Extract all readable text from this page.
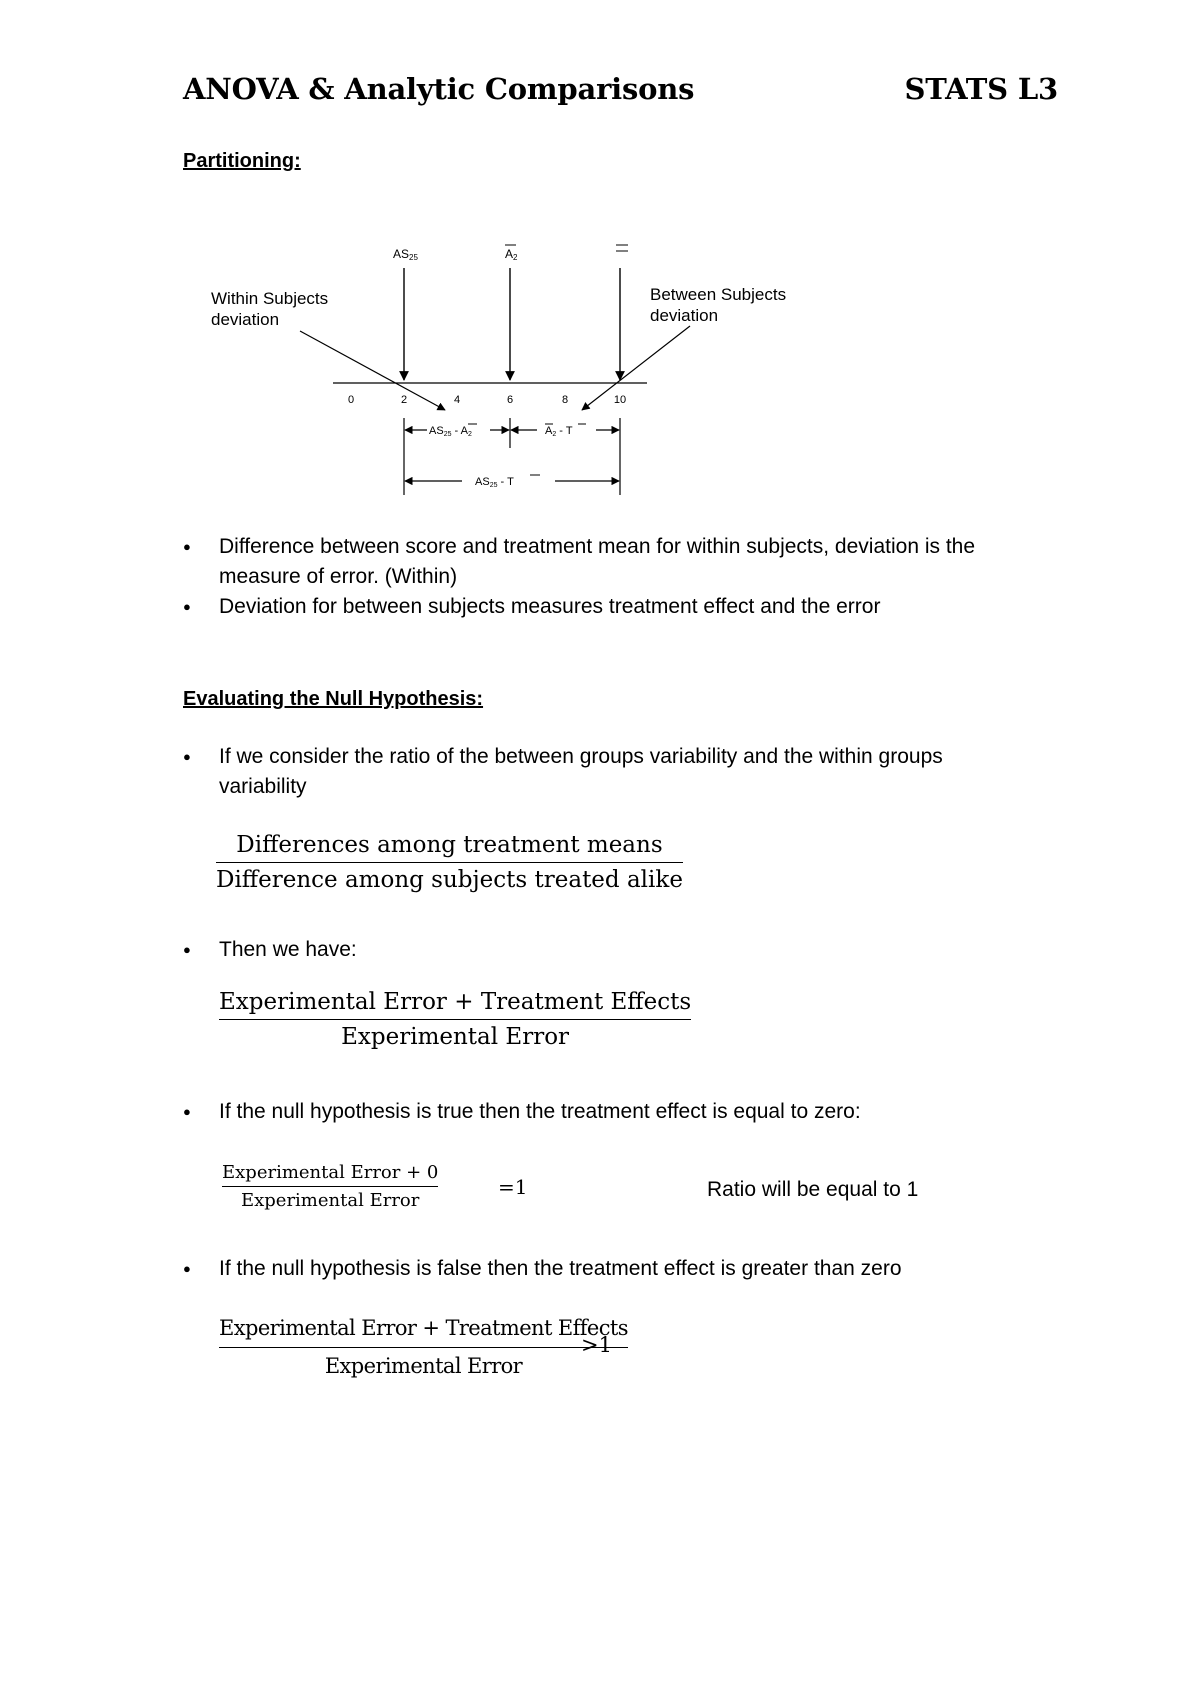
ANOVA & Analytic Comparisons	STATS L3
Partitioning:
AS25	A2
Within Subjects
deviation
Between Subjects
deviation
0	2	4	6	8	10
AS25 - A2	A2 - T
AS25 - T
● Difference between score and treatment mean for within subjects, deviation is the measure of error. (Within)
● Deviation for between subjects measures treatment effect and the error
Evaluating the Null Hypothesis:
● If we consider the ratio of the between groups variability and the within groups variability
Differences among treatment means
Difference among subjects treated alike
● Then we have:
Experimental Error + Treatment Effects
Experimental Error
● If the null hypothesis is true then the treatment effect is equal to zero:
Experimental Error + 0
Experimental Error
=1	Ratio will be equal to 1
● If the null hypothesis is false then the treatment effect is greater than zero
Experimental Error + Treatment Effects
Experimental Error
>1
